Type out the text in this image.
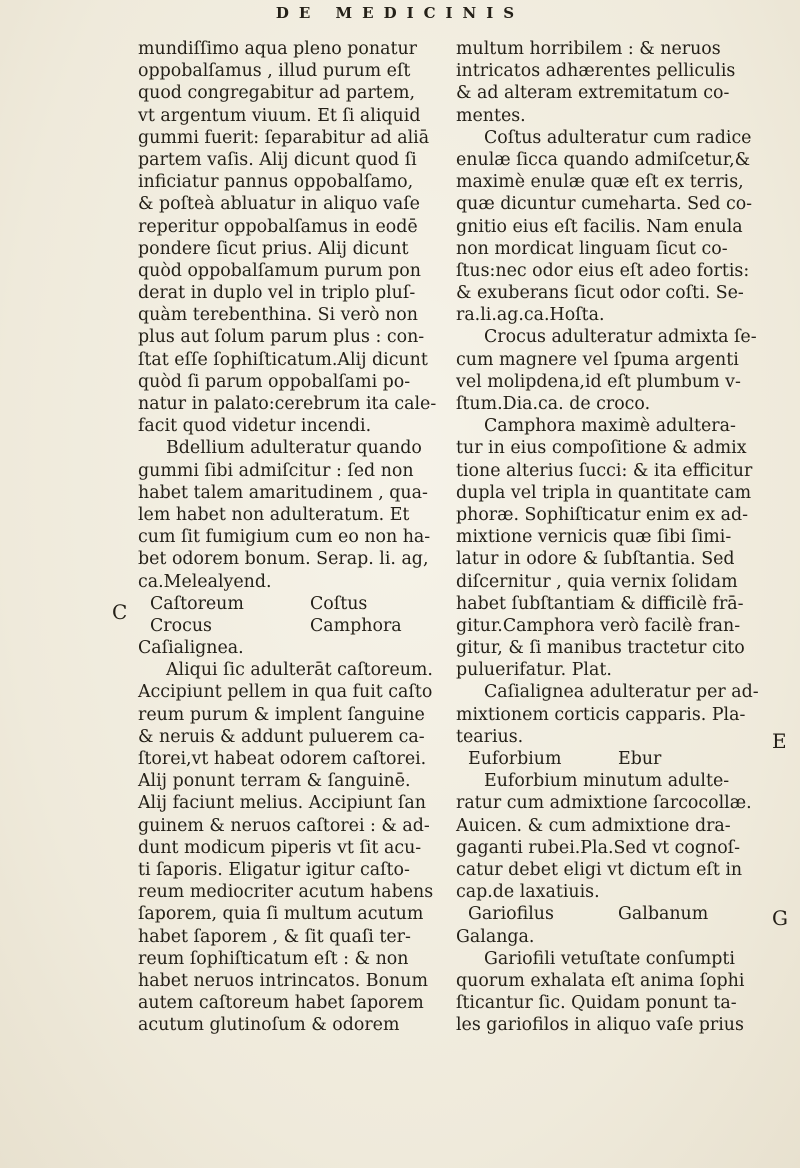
DE MEDICINIS
mundiſſimo aqua pleno ponatur
oppobalſamus , illud purum eſt
quod congregabitur ad partem,
vt argentum viuum. Et ſi aliquid
gummi fuerit: ſeparabitur ad aliā
partem vaſis. Alij dicunt quod ſi
inficiatur pannus oppobalſamo,
& poſteà abluatur in aliquo vaſe
reperitur oppobalſamus in eodē
pondere ſicut prius. Alij dicunt
quòd oppobalſamum purum pon
derat in duplo vel in triplo pluſ-
quàm terebenthina. Si verò non
plus aut ſolum parum plus : con-
ſtat eſſe ſophiſticatum.Alij dicunt
quòd ſi parum oppobalſami po-
natur in palato:cerebrum ita cale-
facit quod videtur incendi.
Bdellium adulteratur quando
gummi ſibi admiſcitur : ſed non
habet talem amaritudinem , qua-
lem habet non adulteratum. Et
cum ſit fumigium cum eo non ha-
bet odorem bonum. Serap. li. ag,
ca.Melealyend.
Caſtoreum	Coſtus
Crocus	Camphora
Caſialignea.
Aliqui ſic adulterāt caſtoreum.
Accipiunt pellem in qua fuit caſto
reum purum & implent ſanguine
& neruis & addunt puluerem ca-
ſtorei,vt habeat odorem caſtorei.
Alij ponunt terram & ſanguinē.
Alij faciunt melius. Accipiunt ſan
guinem & neruos caſtorei : & ad-
dunt modicum piperis vt ſit acu-
ti ſaporis. Eligatur igitur caſto-
reum mediocriter acutum habens
ſaporem, quia ſi multum acutum
habet ſaporem , & ſit quaſi ter-
reum ſophiſticatum eſt : & non
habet neruos intrincatos. Bonum
autem caſtoreum habet ſaporem
acutum glutinoſum & odorem
multum horribilem : & neruos
intricatos adhærentes pelliculis
& ad alteram extremitatum co-
mentes.
Coſtus adulteratur cum radice
enulæ ſicca quando admiſcetur,&
maximè enulæ quæ eſt ex terris,
quæ dicuntur cumeharta. Sed co-
gnitio eius eſt facilis. Nam enula
non mordicat linguam ſicut co-
ſtus:nec odor eius eſt adeo fortis:
& exuberans ſicut odor coſti. Se-
ra.li.ag.ca.Hoſta.
Crocus adulteratur admixta ſe-
cum magnere vel ſpuma argenti
vel molipdena,id eſt plumbum v-
ſtum.Dia.ca. de croco.
Camphora maximè adultera-
tur in eius compoſitione & admix
tione alterius ſucci: & ita efficitur
dupla vel tripla in quantitate cam
phoræ. Sophiſticatur enim ex ad-
mixtione vernicis quæ ſibi ſimi-
latur in odore & ſubſtantia. Sed
diſcernitur , quia vernix ſolidam
habet ſubſtantiam & difficilè frā-
gitur.Camphora verò facilè fran-
gitur, & ſi manibus tractetur cito
puluerifatur. Plat.
Caſialignea adulteratur per ad-
mixtionem corticis capparis. Pla-
tearius.
Euforbium	Ebur
Euforbium minutum adulte-
ratur cum admixtione ſarcocollæ.
Auicen. & cum admixtione dra-
gaganti rubei.Pla.Sed vt cognoſ-
catur debet eligi vt dictum eſt in
cap.de laxatiuis.
Gariofilus	Galbanum
Galanga.
Gariofili vetuſtate conſumpti
quorum exhalata eſt anima ſophi
ſticantur ſic. Quidam ponunt ta-
les gariofilos in aliquo vaſe prius
C
E
G
